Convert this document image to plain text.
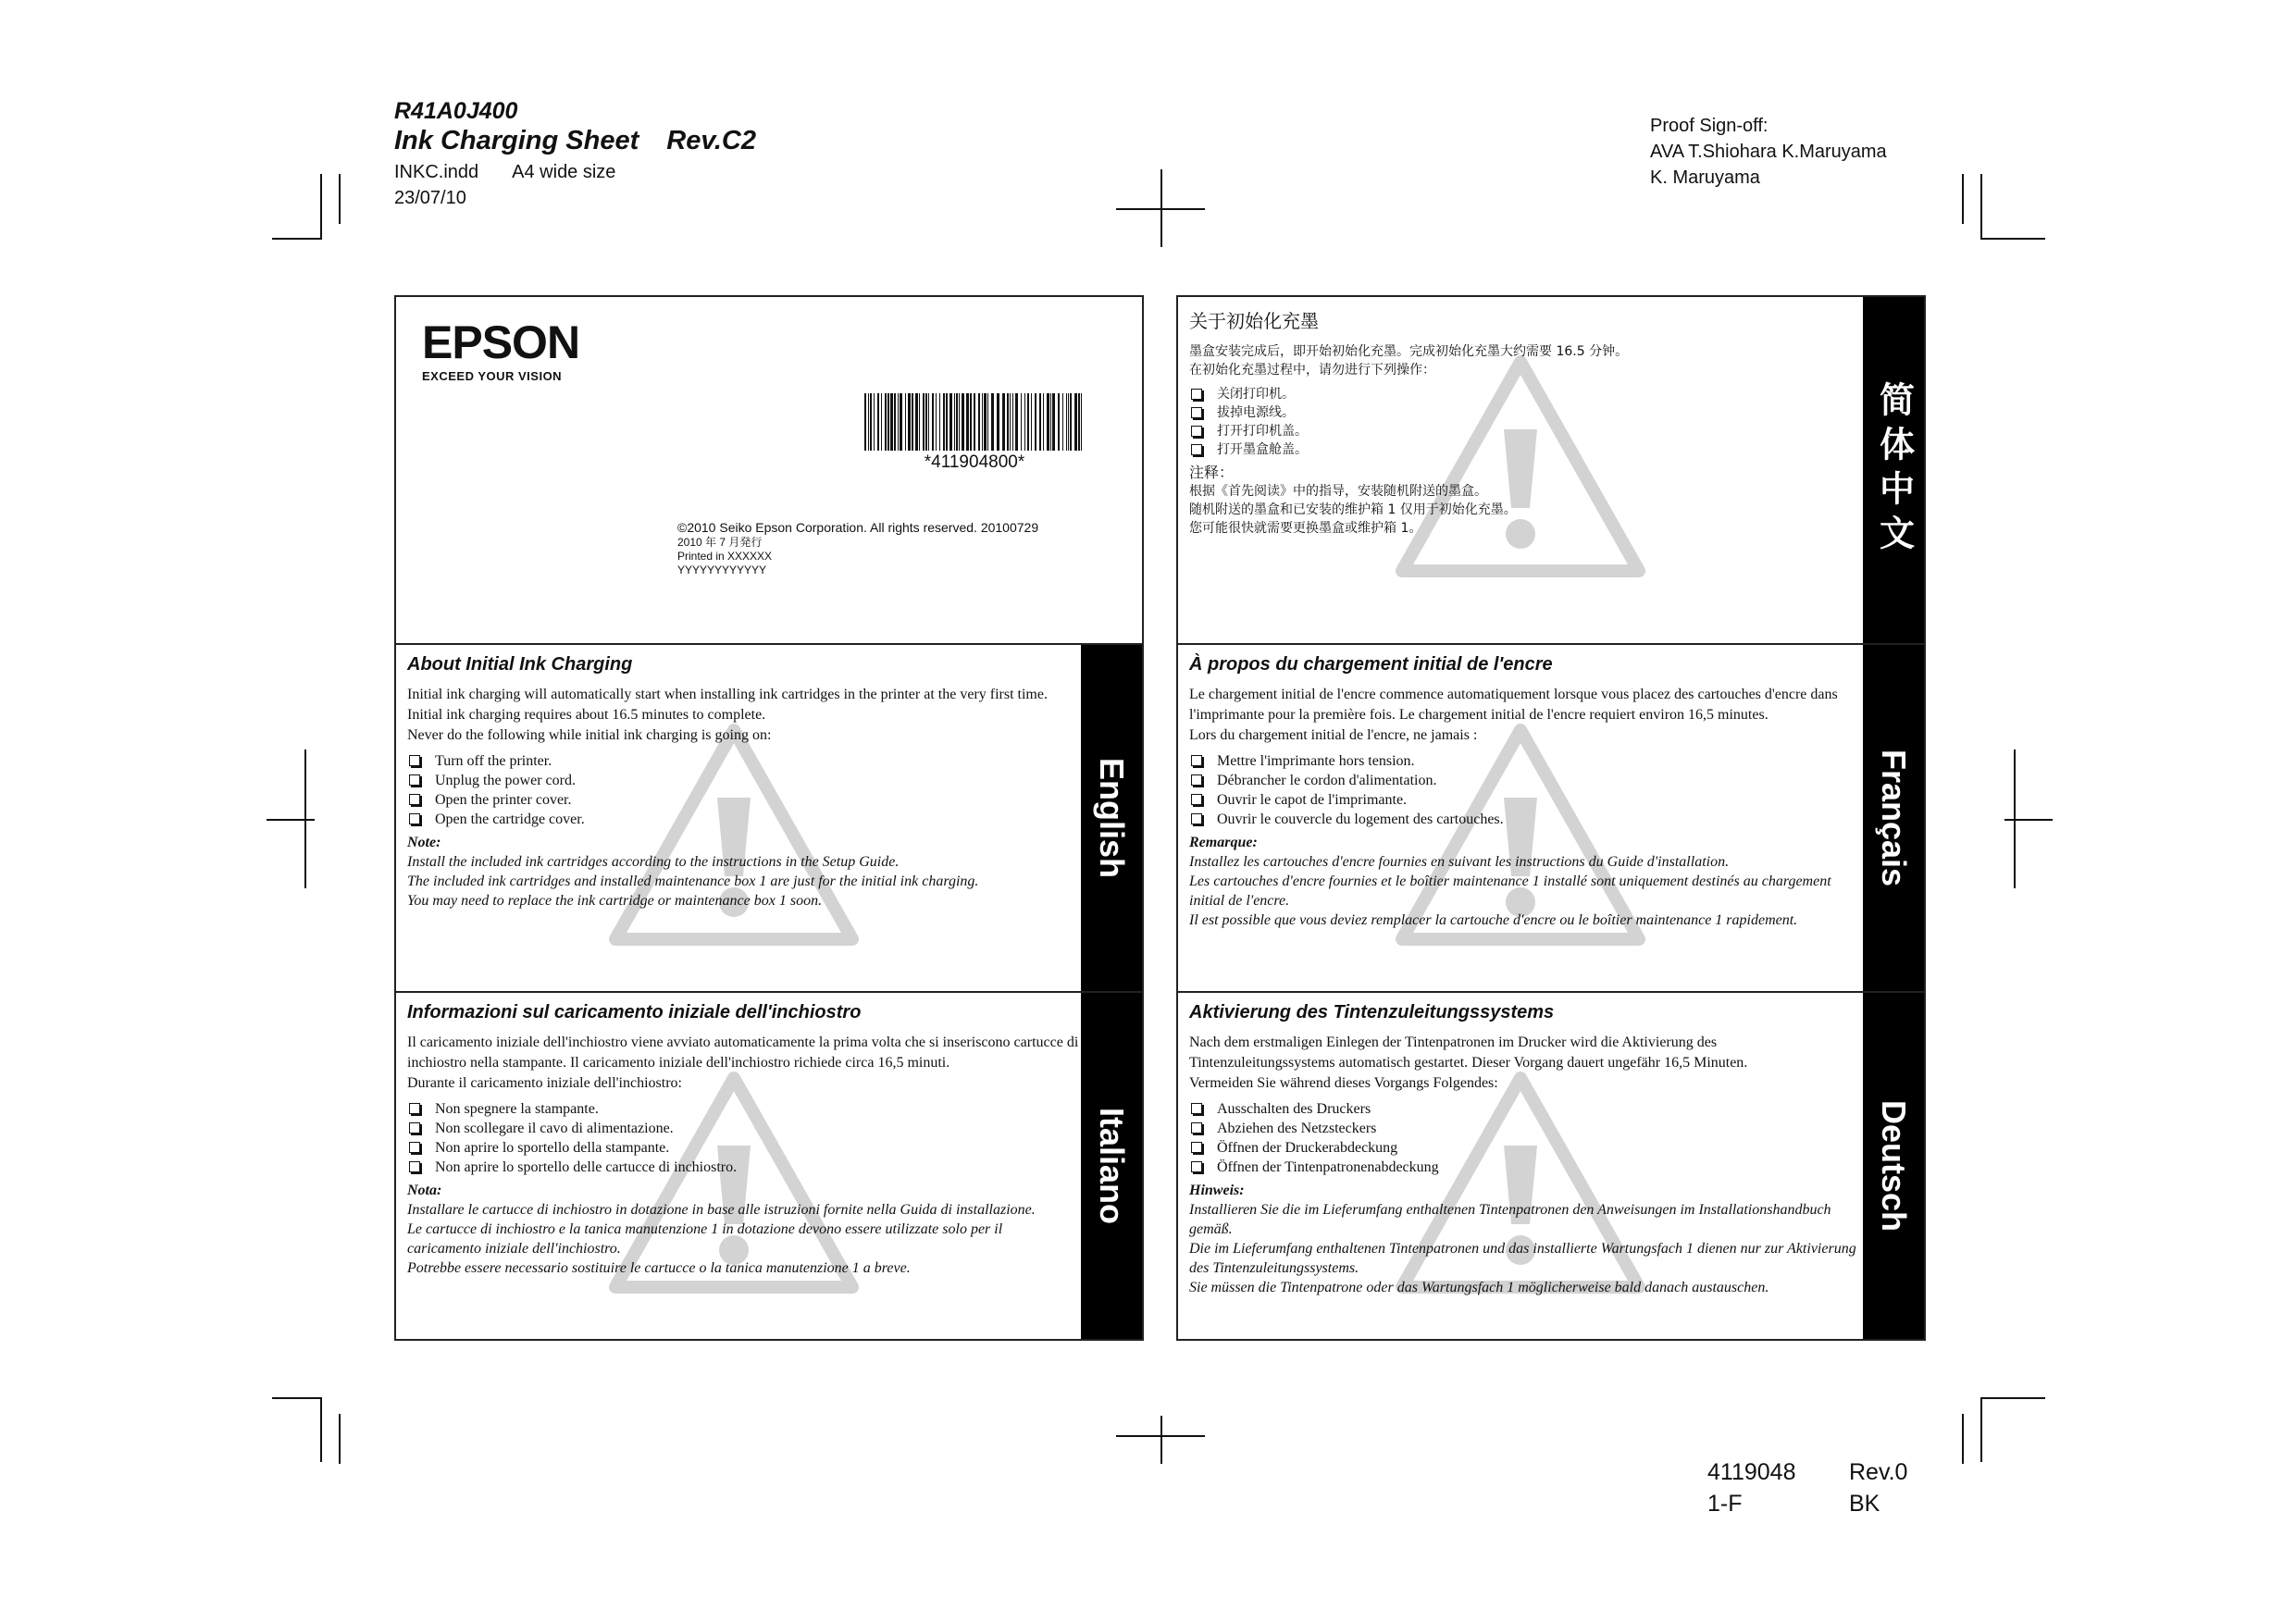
R41A0J400
Ink Charging Sheet Rev.C2
INKC.indd A4 wide size
23/07/10
Proof Sign-off:
AVA T.Shiohara K.Maruyama
K. Maruyama
EPSON
EXCEED YOUR VISION
*411904800*
©2010 Seiko Epson Corporation. All rights reserved. 20100729
2010 年 7 月発行
Printed in XXXXXX
YYYYYYYYYYYY
关于初始化充墨

墨盒安装完成后，即开始初始化充墨。完成初始化充墨大约需要 16.5 分钟。

在初始化充墨过程中，请勿进行下列操作：

关闭打印机。
拔掉电源线。
打开打印机盖。
打开墨盒舱盖。
注释：

根据《首先阅读》中的指导，安装随机附送的墨盒。

随机附送的墨盒和已安装的维护箱 1 仅用于初始化充墨。

您可能很快就需要更换墨盒或维护箱 1。	简体中文
About Initial Ink Charging

Initial ink charging will automatically start when installing ink cartridges in the printer at the very first time. Initial ink charging requires about 16.5 minutes to complete.

Never do the following while initial ink charging is going on:

Turn off the printer.
Unplug the power cord.
Open the printer cover.
Open the cartridge cover.
Note:

Install the included ink cartridges according to the instructions in the Setup Guide.

The included ink cartridges and installed maintenance box 1 are just for the initial ink charging.

You may need to replace the ink cartridge or maintenance box 1 soon.

English
À propos du chargement initial de l'encre

Le chargement initial de l'encre commence automatiquement lorsque vous placez des cartouches d'encre dans l'imprimante pour la première fois. Le chargement initial de l'encre requiert environ 16,5 minutes.

Lors du chargement initial de l'encre, ne jamais :

Mettre l'imprimante hors tension.
Débrancher le cordon d'alimentation.
Ouvrir le capot de l'imprimante.
Ouvrir le couvercle du logement des cartouches.
Remarque:

Installez les cartouches d'encre fournies en suivant les instructions du Guide d'installation.

Les cartouches d'encre fournies et le boîtier maintenance 1 installé sont uniquement destinés au chargement initial de l'encre.

Il est possible que vous deviez remplacer la cartouche d'encre ou le boîtier maintenance 1 rapidement.

Français
Informazioni sul caricamento iniziale dell'inchiostro

Il caricamento iniziale dell'inchiostro viene avviato automaticamente la prima volta che si inseriscono cartucce di inchiostro nella stampante. Il caricamento iniziale dell'inchiostro richiede circa 16,5 minuti.

Durante il caricamento iniziale dell'inchiostro:

Non spegnere la stampante.
Non scollegare il cavo di alimentazione.
Non aprire lo sportello della stampante.
Non aprire lo sportello delle cartucce di inchiostro.
Nota:

Installare le cartucce di inchiostro in dotazione in base alle istruzioni fornite nella Guida di installazione.

Le cartucce di inchiostro e la tanica manutenzione 1 in dotazione devono essere utilizzate solo per il caricamento iniziale dell'inchiostro.

Potrebbe essere necessario sostituire le cartucce o la tanica manutenzione 1 a breve.

Italiano
Aktivierung des Tintenzuleitungssystems

Nach dem erstmaligen Einlegen der Tintenpatronen im Drucker wird die Aktivierung des Tintenzuleitungssystems automatisch gestartet. Dieser Vorgang dauert ungefähr 16,5 Minuten.

Vermeiden Sie während dieses Vorgangs Folgendes:

Ausschalten des Druckers
Abziehen des Netzsteckers
Öffnen der Druckerabdeckung
Öffnen der Tintenpatronenabdeckung
Hinweis:

Installieren Sie die im Lieferumfang enthaltenen Tintenpatronen den Anweisungen im Installationshandbuch gemäß.

Die im Lieferumfang enthaltenen Tintenpatronen und das installierte Wartungsfach 1 dienen nur zur Aktivierung des Tintenzuleitungssystems.

Sie müssen die Tintenpatrone oder das Wartungsfach 1 möglicherweise bald danach austauschen.

Deutsch
4119048 Rev.0
1-F	BK
